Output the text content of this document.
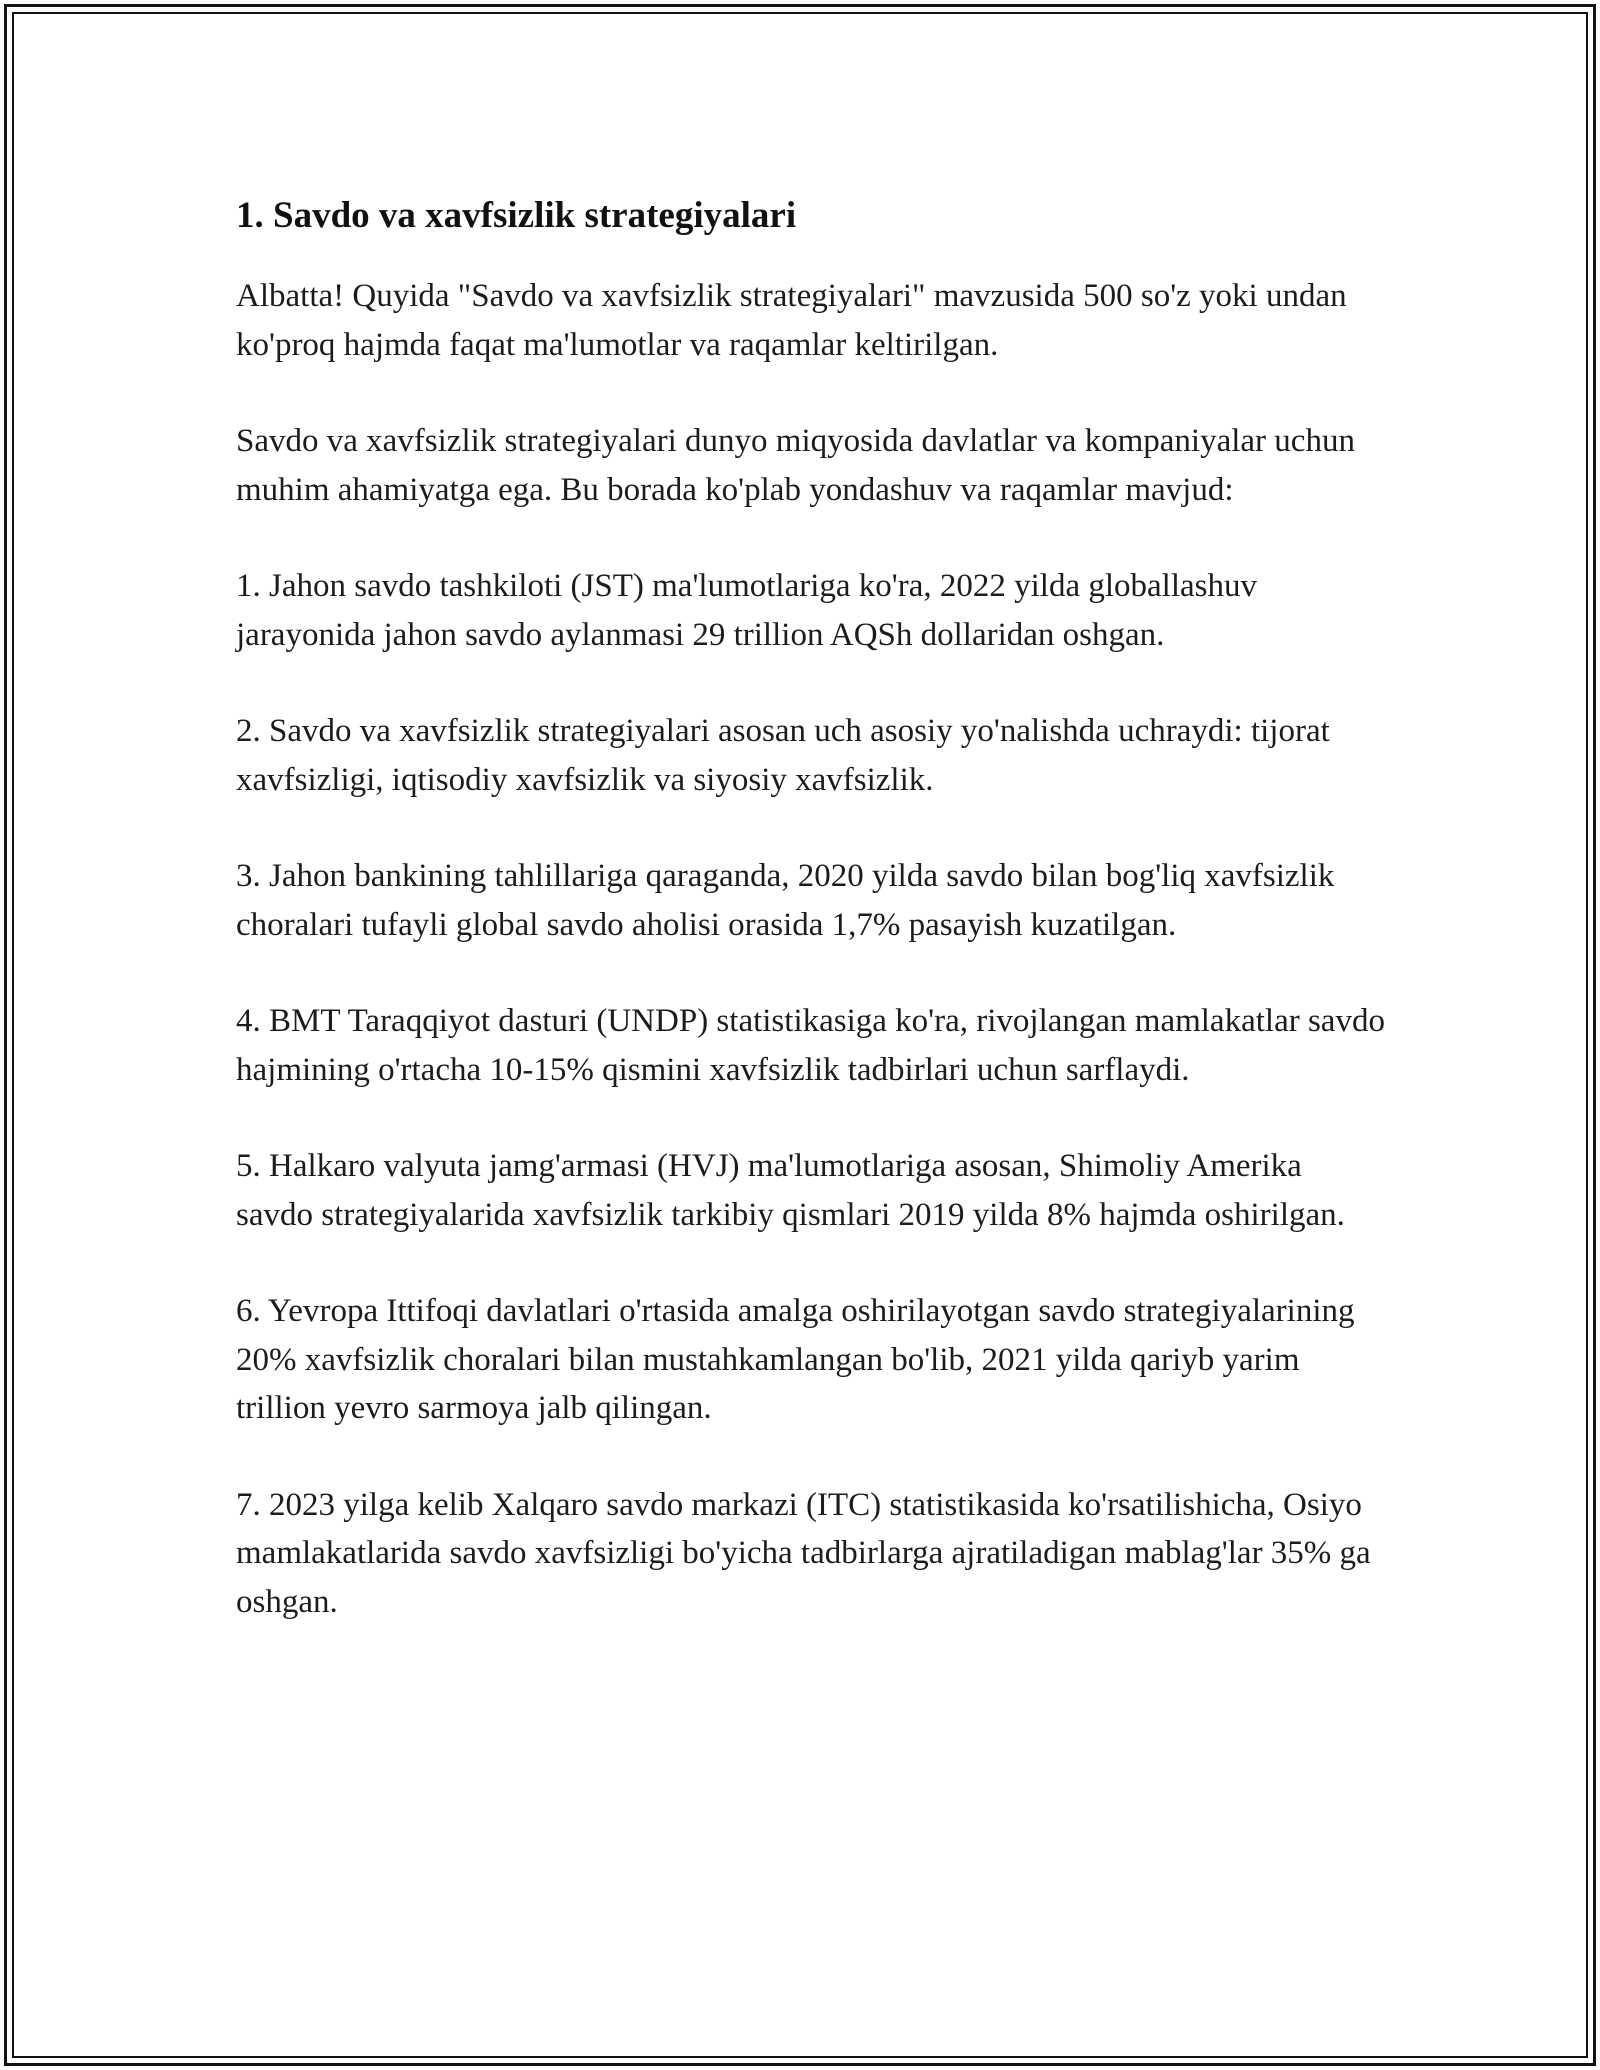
1. Savdo va xavfsizlik strategiyalari

Albatta! Quyida "Savdo va xavfsizlik strategiyalari" mavzusida 500 so'z yoki undan ko'proq hajmda faqat ma'lumotlar va raqamlar keltirilgan.

Savdo va xavfsizlik strategiyalari dunyo miqyosida davlatlar va kompaniyalar uchun muhim ahamiyatga ega. Bu borada ko'plab yondashuv va raqamlar mavjud:

1. Jahon savdo tashkiloti (JST) ma'lumotlariga ko'ra, 2022 yilda globallashuv jarayonida jahon savdo aylanmasi 29 trillion AQSh dollaridan oshgan.

2. Savdo va xavfsizlik strategiyalari asosan uch asosiy yo'nalishda uchraydi: tijorat xavfsizligi, iqtisodiy xavfsizlik va siyosiy xavfsizlik.

3. Jahon bankining tahlillariga qaraganda, 2020 yilda savdo bilan bog'liq xavfsizlik choralari tufayli global savdo aholisi orasida 1,7% pasayish kuzatilgan.

4. BMT Taraqqiyot dasturi (UNDP) statistikasiga ko'ra, rivojlangan mamlakatlar savdo hajmining o'rtacha 10-15% qismini xavfsizlik tadbirlari uchun sarflaydi.

5. Halkaro valyuta jamg'armasi (HVJ) ma'lumotlariga asosan, Shimoliy Amerika savdo strategiyalarida xavfsizlik tarkibiy qismlari 2019 yilda 8% hajmda oshirilgan.

6. Yevropa Ittifoqi davlatlari o'rtasida amalga oshirilayotgan savdo strategiyalarining 20% xavfsizlik choralari bilan mustahkamlangan bo'lib, 2021 yilda qariyb yarim trillion yevro sarmoya jalb qilingan.

7. 2023 yilga kelib Xalqaro savdo markazi (ITC) statistikasida ko'rsatilishicha, Osiyo mamlakatlarida savdo xavfsizligi bo'yicha tadbirlarga ajratiladigan mablag'lar 35% ga oshgan.
